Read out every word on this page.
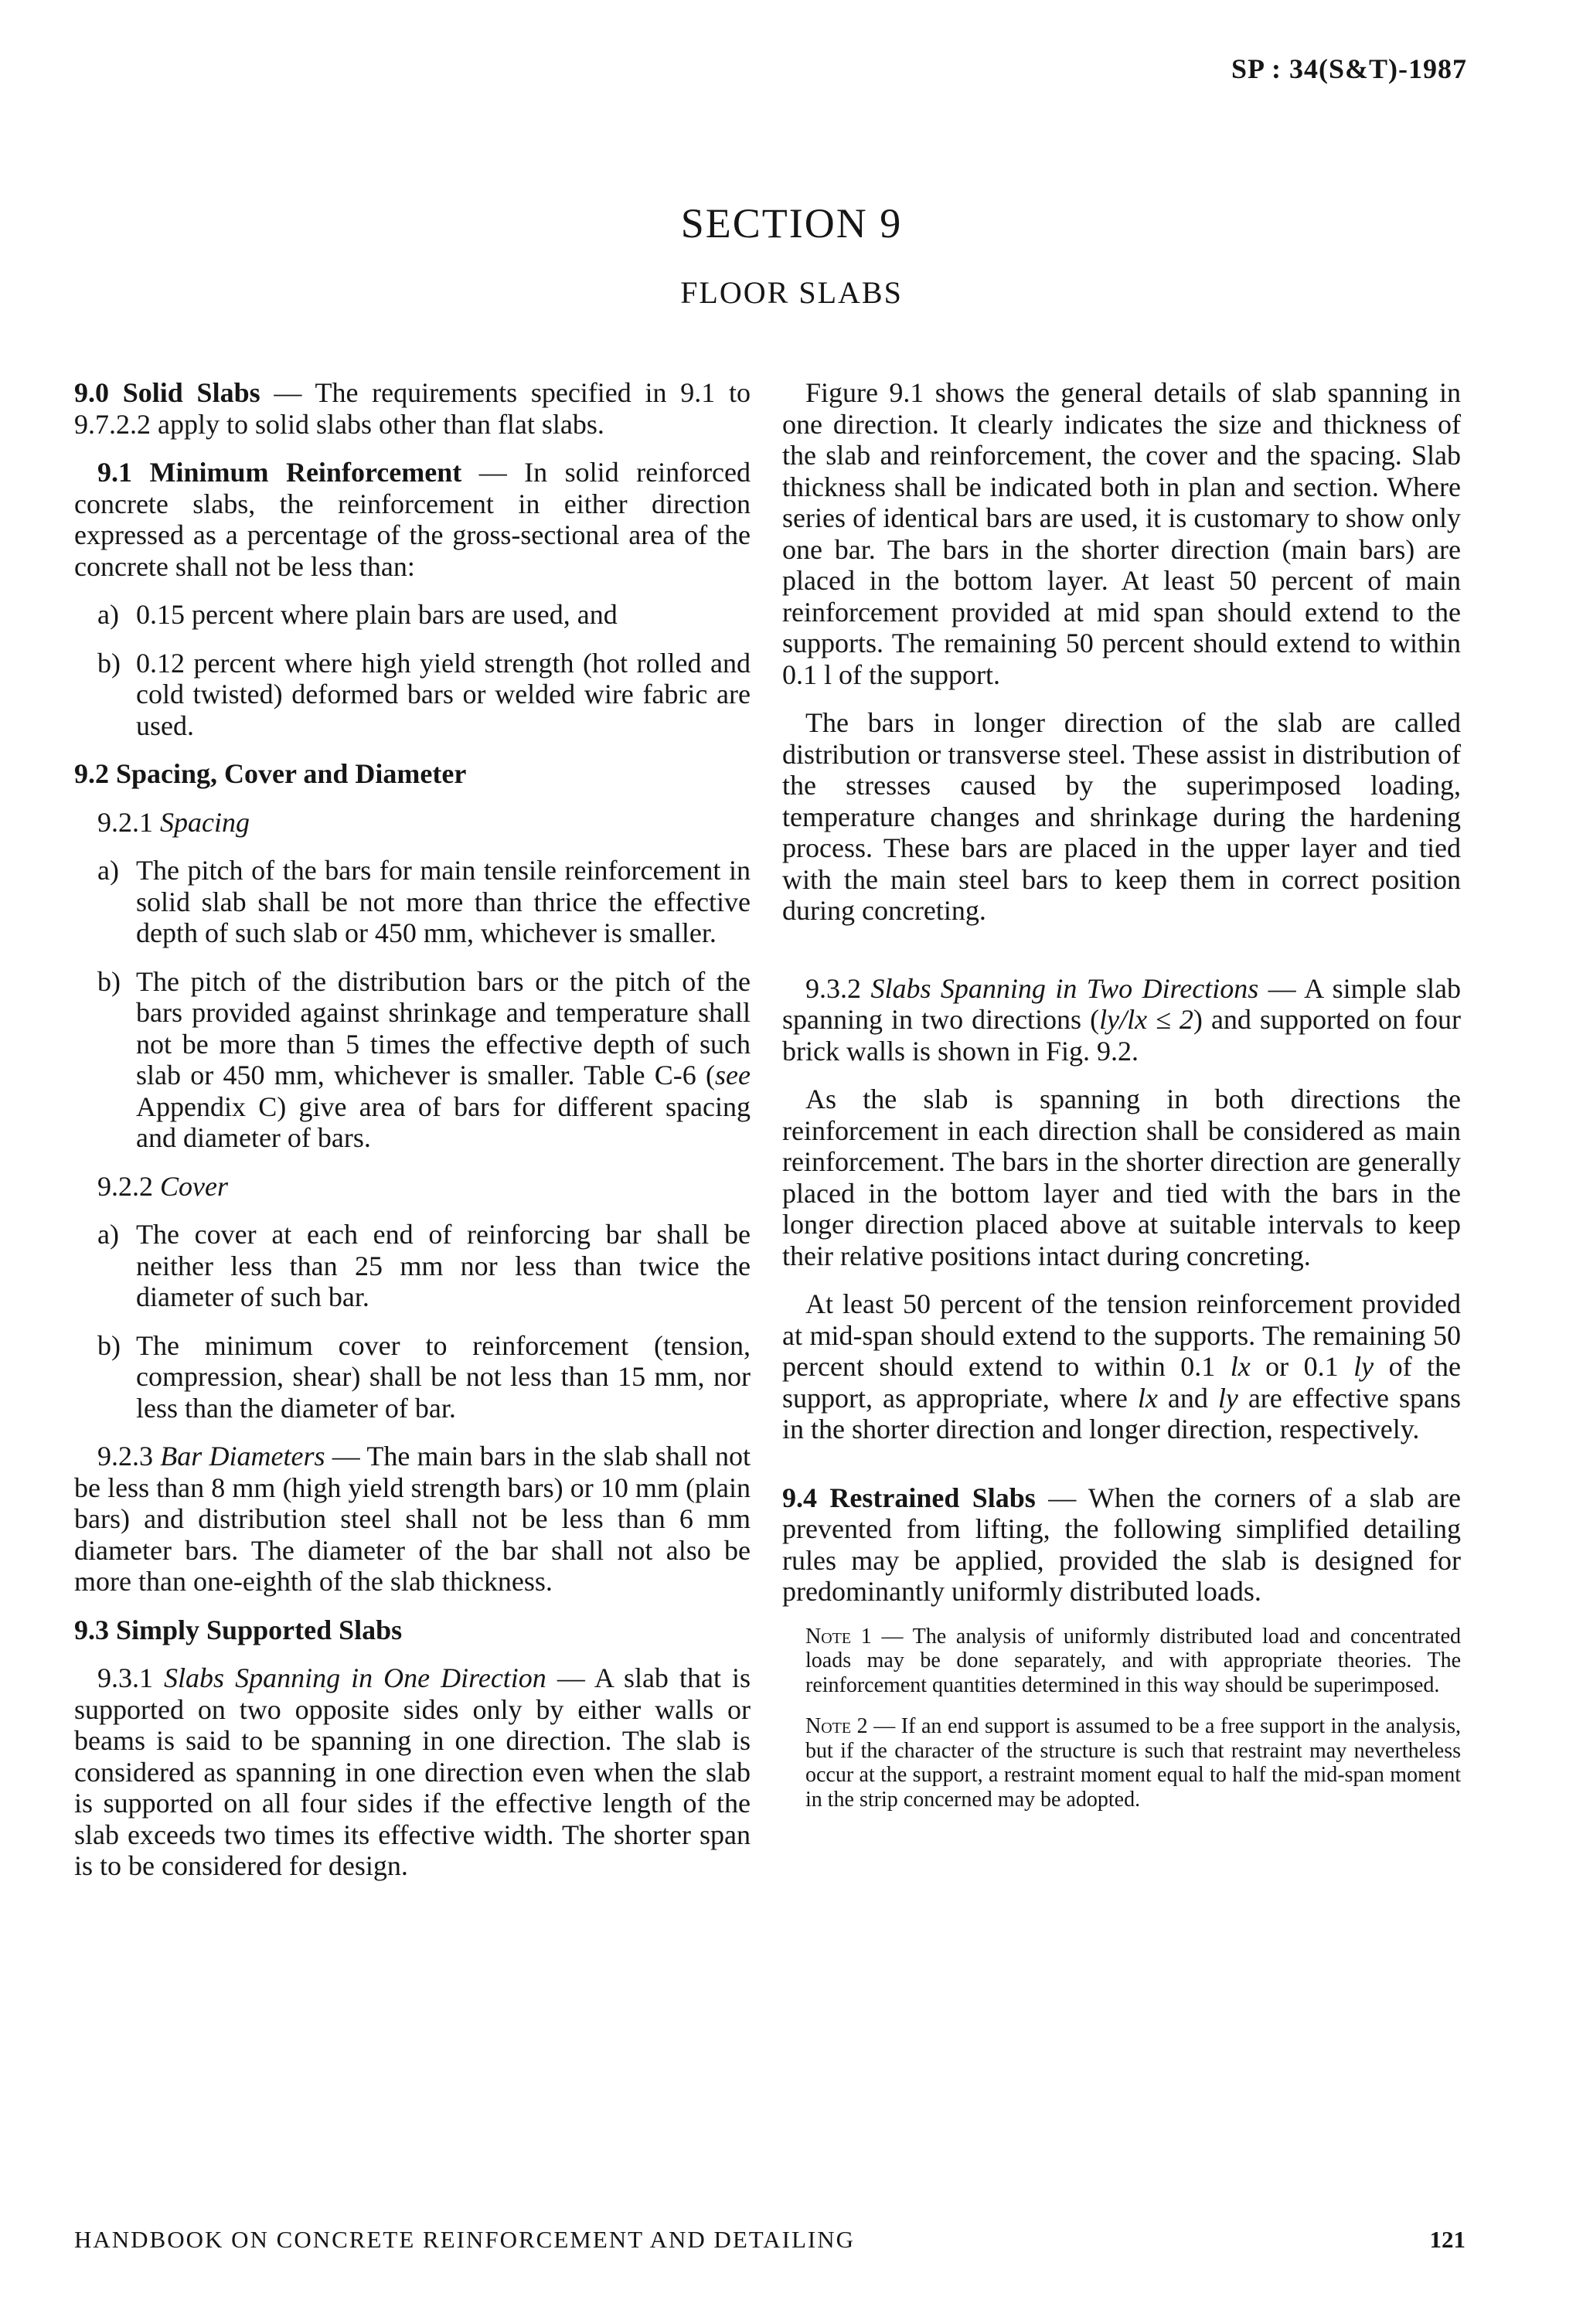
SP : 34(S&T)-1987
SECTION 9
FLOOR SLABS

9.0 Solid Slabs — The requirements specified in 9.1 to 9.7.2.2 apply to solid slabs other than flat slabs.

9.1 Minimum Reinforcement — In solid reinforced concrete slabs, the reinforcement in either direction expressed as a percentage of the gross-sectional area of the concrete shall not be less than:

a) 0.15 percent where plain bars are used, and
b) 0.12 percent where high yield strength (hot rolled and cold twisted) deformed bars or welded wire fabric are used.

9.2 Spacing, Cover and Diameter

9.2.1 Spacing

a) The pitch of the bars for main tensile reinforcement in solid slab shall be not more than thrice the effective depth of such slab or 450 mm, whichever is smaller.
b) The pitch of the distribution bars or the pitch of the bars provided against shrinkage and temperature shall not be more than 5 times the effective depth of such slab or 450 mm, whichever is smaller. Table C-6 (see Appendix C) give area of bars for different spacing and diameter of bars.

9.2.2 Cover

a) The cover at each end of reinforcing bar shall be neither less than 25 mm nor less than twice the diameter of such bar.
b) The minimum cover to reinforcement (tension, compression, shear) shall be not less than 15 mm, nor less than the diameter of bar.

9.2.3 Bar Diameters — The main bars in the slab shall not be less than 8 mm (high yield strength bars) or 10 mm (plain bars) and distribution steel shall not be less than 6 mm diameter bars. The diameter of the bar shall not also be more than one-eighth of the slab thickness.

9.3 Simply Supported Slabs

9.3.1 Slabs Spanning in One Direction — A slab that is supported on two opposite sides only by either walls or beams is said to be spanning in one direction. The slab is considered as spanning in one direction even when the slab is supported on all four sides if the effective length of the slab exceeds two times its effective width. The shorter span is to be considered for design.

Figure 9.1 shows the general details of slab spanning in one direction. It clearly indicates the size and thickness of the slab and reinforcement, the cover and the spacing. Slab thickness shall be indicated both in plan and section. Where series of identical bars are used, it is customary to show only one bar. The bars in the shorter direction (main bars) are placed in the bottom layer. At least 50 percent of main reinforcement provided at mid span should extend to the supports. The remaining 50 percent should extend to within 0.1 l of the support.

The bars in longer direction of the slab are called distribution or transverse steel. These assist in distribution of the stresses caused by the superimposed loading, temperature changes and shrinkage during the hardening process. These bars are placed in the upper layer and tied with the main steel bars to keep them in correct position during concreting.

9.3.2 Slabs Spanning in Two Directions — A simple slab spanning in two directions (ly/lx ≤ 2) and supported on four brick walls is shown in Fig. 9.2.

As the slab is spanning in both directions the reinforcement in each direction shall be considered as main reinforcement. The bars in the shorter direction are generally placed in the bottom layer and tied with the bars in the longer direction placed above at suitable intervals to keep their relative positions intact during concreting.

At least 50 percent of the tension reinforcement provided at mid-span should extend to the supports. The remaining 50 percent should extend to within 0.1 lx or 0.1 ly of the support, as appropriate, where lx and ly are effective spans in the shorter direction and longer direction, respectively.

9.4 Restrained Slabs — When the corners of a slab are prevented from lifting, the following simplified detailing rules may be applied, provided the slab is designed for predominantly uniformly distributed loads.

Note 1 — The analysis of uniformly distributed load and concentrated loads may be done separately, and with appropriate theories. The reinforcement quantities determined in this way should be superimposed.

Note 2 — If an end support is assumed to be a free support in the analysis, but if the character of the structure is such that restraint may nevertheless occur at the support, a restraint moment equal to half the mid-span moment in the strip concerned may be adopted.

HANDBOOK ON CONCRETE REINFORCEMENT AND DETAILING	121
